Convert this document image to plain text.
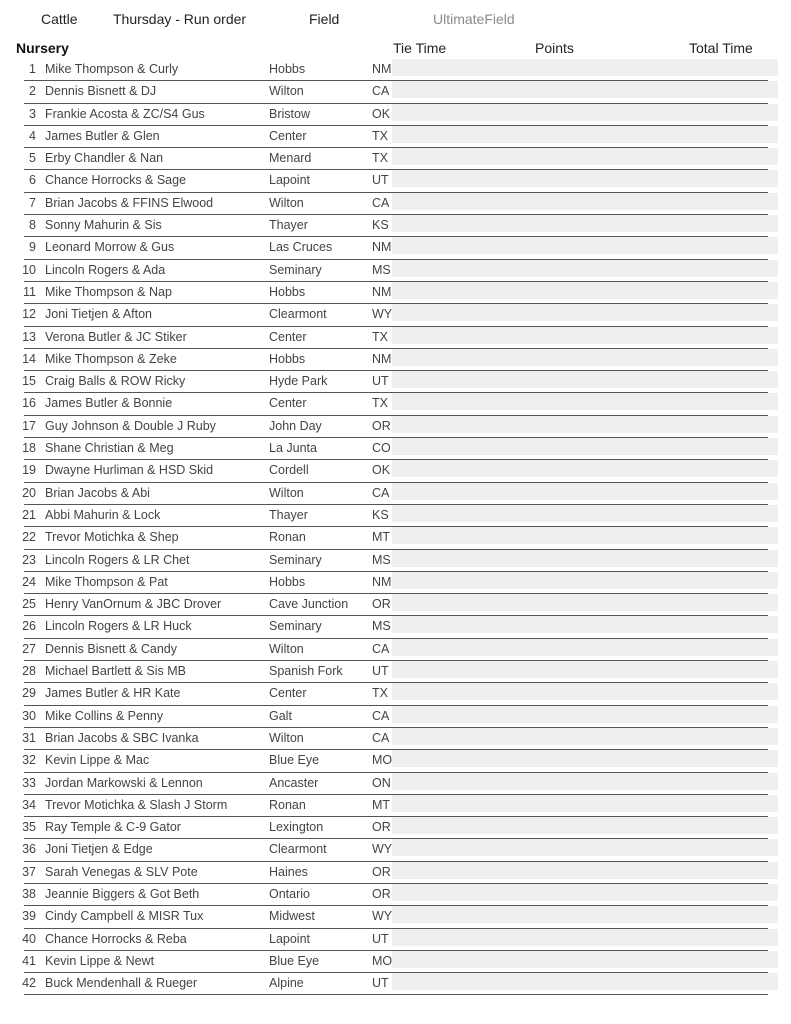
Cattle	Thursday - Run order	Field	UltimateField
Nursery	Tie Time	Points	Total Time
1 Mike Thompson & Curly	Hobbs	NM
2 Dennis Bisnett & DJ	Wilton	CA
3 Frankie Acosta & ZC/S4 Gus	Bristow	OK
4 James Butler & Glen	Center	TX
5 Erby Chandler & Nan	Menard	TX
6 Chance Horrocks & Sage	Lapoint	UT
7 Brian Jacobs & FFINS Elwood	Wilton	CA
8 Sonny Mahurin & Sis	Thayer	KS
9 Leonard Morrow & Gus	Las Cruces	NM
10 Lincoln Rogers & Ada	Seminary	MS
11 Mike Thompson & Nap	Hobbs	NM
12 Joni Tietjen & Afton	Clearmont	WY
13 Verona Butler & JC Stiker	Center	TX
14 Mike Thompson & Zeke	Hobbs	NM
15 Craig Balls & ROW Ricky	Hyde Park	UT
16 James Butler & Bonnie	Center	TX
17 Guy Johnson & Double J Ruby	John Day	OR
18 Shane Christian & Meg	La Junta	CO
19 Dwayne Hurliman & HSD Skid	Cordell	OK
20 Brian Jacobs & Abi	Wilton	CA
21 Abbi Mahurin & Lock	Thayer	KS
22 Trevor Motichka & Shep	Ronan	MT
23 Lincoln Rogers & LR Chet	Seminary	MS
24 Mike Thompson & Pat	Hobbs	NM
25 Henry VanOrnum & JBC Drover	Cave Junction OR
26 Lincoln Rogers & LR Huck	Seminary	MS
27 Dennis Bisnett & Candy	Wilton	CA
28 Michael Bartlett & Sis MB	Spanish Fork UT
29 James Butler & HR Kate	Center	TX
30 Mike Collins & Penny	Galt	CA
31 Brian Jacobs & SBC Ivanka	Wilton	CA
32 Kevin Lippe & Mac	Blue Eye	MO
33 Jordan Markowski & Lennon	Ancaster	ON
34 Trevor Motichka & Slash J Storm	Ronan	MT
35 Ray Temple & C-9 Gator	Lexington	OR
36 Joni Tietjen & Edge	Clearmont	WY
37 Sarah Venegas & SLV Pote	Haines	OR
38 Jeannie Biggers & Got Beth	Ontario	OR
39 Cindy Campbell & MISR Tux	Midwest	WY
40 Chance Horrocks & Reba	Lapoint	UT
41 Kevin Lippe & Newt	Blue Eye	MO
42 Buck Mendenhall & Rueger	Alpine	UT
